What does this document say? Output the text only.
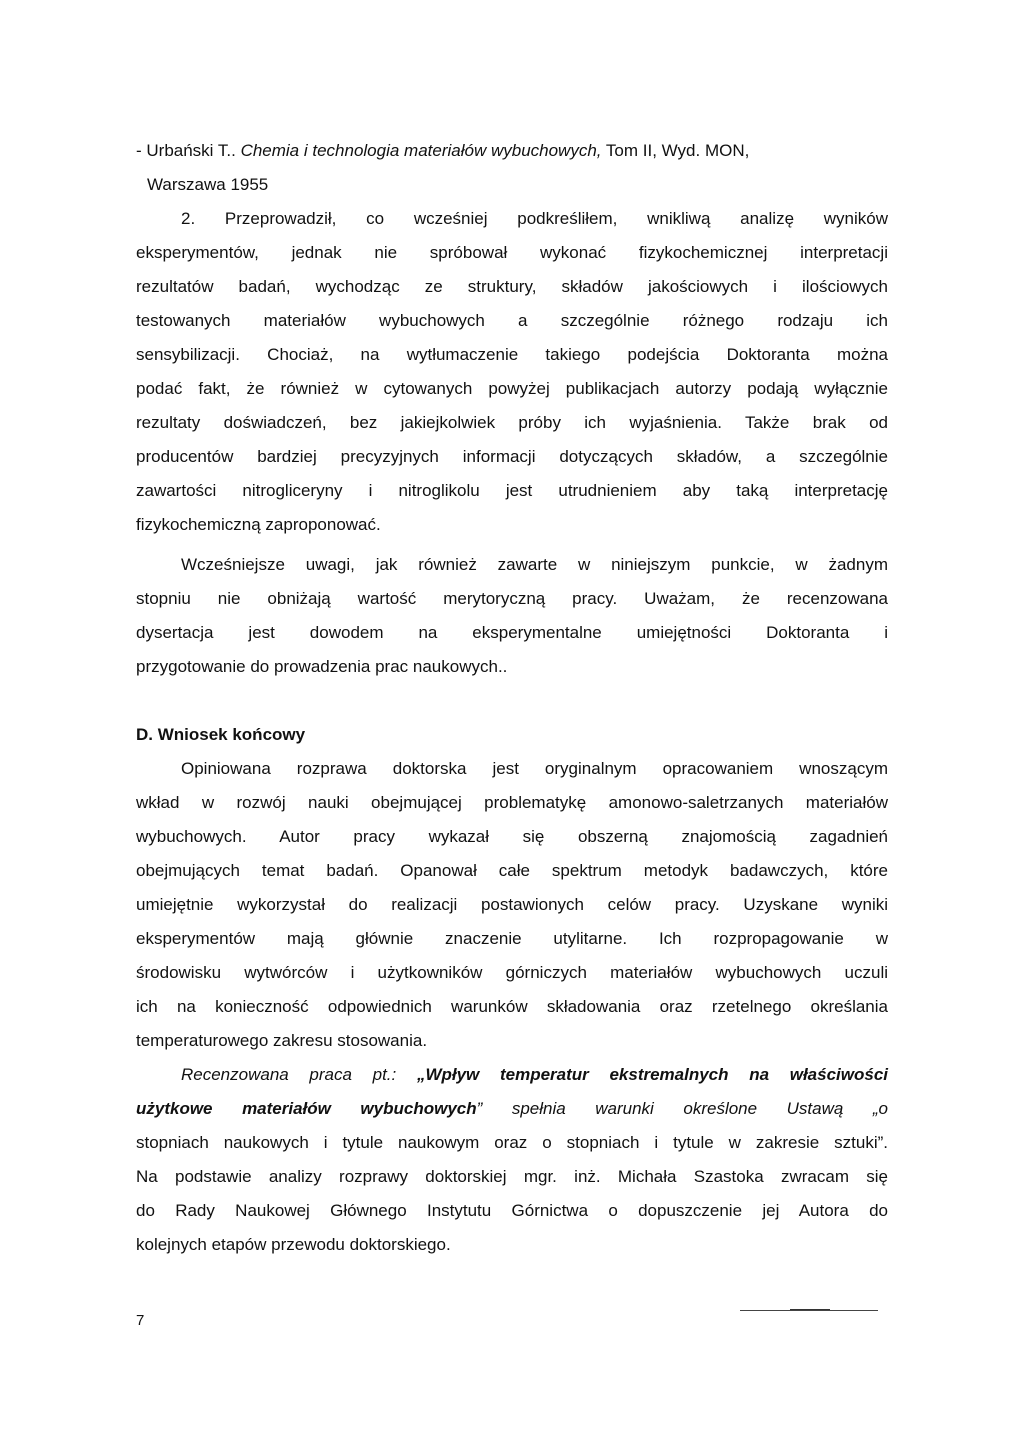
- Urbański T.. Chemia i technologia materiałów wybuchowych, Tom II, Wyd. MON,
Warszawa 1955

2. Przeprowadził, co wcześniej podkreśliłem, wnikliwą analizę wyników
eksperymentów, jednak nie spróbował wykonać fizykochemicznej interpretacji
rezultatów badań, wychodząc ze struktury, składów jakościowych i ilościowych
testowanych materiałów wybuchowych a szczególnie różnego rodzaju ich
sensybilizacji. Chociaż, na wytłumaczenie takiego podejścia Doktoranta można
podać fakt, że również w cytowanych powyżej publikacjach autorzy podają wyłącznie
rezultaty doświadczeń, bez jakiejkolwiek próby ich wyjaśnienia. Także brak od
producentów bardziej precyzyjnych informacji dotyczących składów, a szczególnie
zawartości nitrogliceryny i nitroglikolu jest utrudnieniem aby taką interpretację
fizykochemiczną zaproponować.

Wcześniejsze uwagi, jak również zawarte w niniejszym punkcie, w żadnym
stopniu nie obniżają wartość merytoryczną pracy. Uważam, że recenzowana
dysertacja jest dowodem na eksperymentalne umiejętności Doktoranta i
przygotowanie do prowadzenia prac naukowych..

D. Wniosek końcowy

Opiniowana rozprawa doktorska jest oryginalnym opracowaniem wnoszącym
wkład w rozwój nauki obejmującej problematykę amonowo-saletrzanych materiałów
wybuchowych. Autor pracy wykazał się obszerną znajomością zagadnień
obejmujących temat badań. Opanował całe spektrum metodyk badawczych, które
umiejętnie wykorzystał do realizacji postawionych celów pracy. Uzyskane wyniki
eksperymentów mają głównie znaczenie utylitarne. Ich rozpropagowanie w
środowisku wytwórców i użytkowników górniczych materiałów wybuchowych uczuli
ich na konieczność odpowiednich warunków składowania oraz rzetelnego określania
temperaturowego zakresu stosowania.

Recenzowana praca pt.: „Wpływ temperatur ekstremalnych na właściwości
użytkowe materiałów wybuchowych” spełnia warunki określone Ustawą „o
stopniach naukowych i tytule naukowym oraz o stopniach i tytule w zakresie sztuki”.
Na podstawie analizy rozprawy doktorskiej mgr. inż. Michała Szastoka zwracam się
do Rady Naukowej Głównego Instytutu Górnictwa o dopuszczenie jej Autora do
kolejnych etapów przewodu doktorskiego.

7
